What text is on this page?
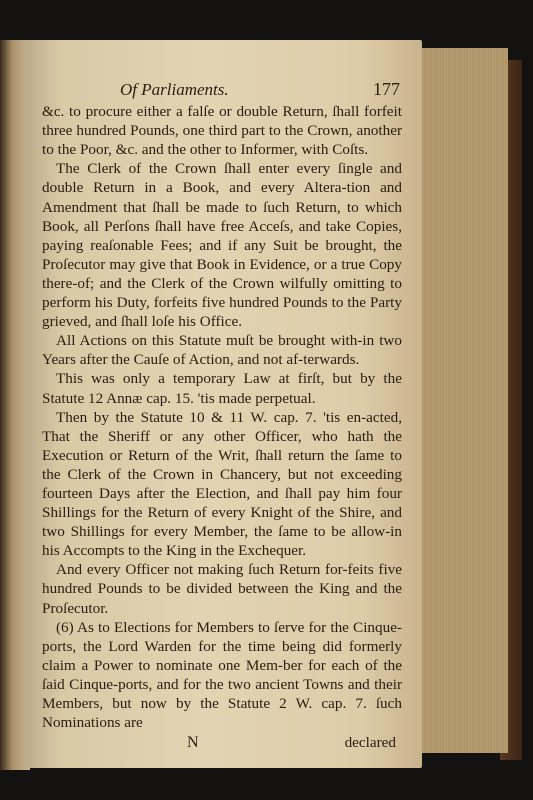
Of Parliaments.	177

&c. to procure either a falſe or double Return, ſhall forfeit three hundred Pounds, one third part to the Crown, another to the Poor, &c. and the other to Informer, with Coſts.

The Clerk of the Crown ſhall enter every ſingle and double Return in a Book, and every Altera-tion and Amendment that ſhall be made to ſuch Return, to which Book, all Perſons ſhall have free Acceſs, and take Copies, paying reaſonable Fees; and if any Suit be brought, the Proſecutor may give that Book in Evidence, or a true Copy there-of; and the Clerk of the Crown wilfully omitting to perform his Duty, forfeits five hundred Pounds to the Party grieved, and ſhall loſe his Office.

All Actions on this Statute muſt be brought with-in two Years after the Cauſe of Action, and not af-terwards.

This was only a temporary Law at firſt, but by the Statute 12 Annæ cap. 15. 'tis made perpetual.

Then by the Statute 10 & 11 W. cap. 7. 'tis en-acted, That the Sheriff or any other Officer, who hath the Execution or Return of the Writ, ſhall return the ſame to the Clerk of the Crown in Chancery, but not exceeding fourteen Days after the Election, and ſhall pay him four Shillings for the Return of every Knight of the Shire, and two Shillings for every Member, the ſame to be allow-in his Accompts to the King in the Exchequer.

And every Officer not making ſuch Return for-feits five hundred Pounds to be divided between the King and the Proſecutor.

(6) As to Elections for Members to ſerve for the Cinque-ports, the Lord Warden for the time being did formerly claim a Power to nominate one Mem-ber for each of the ſaid Cinque-ports, and for the two ancient Towns and their Members, but now by the Statute 2 W. cap. 7. ſuch Nominations are

N	declared
